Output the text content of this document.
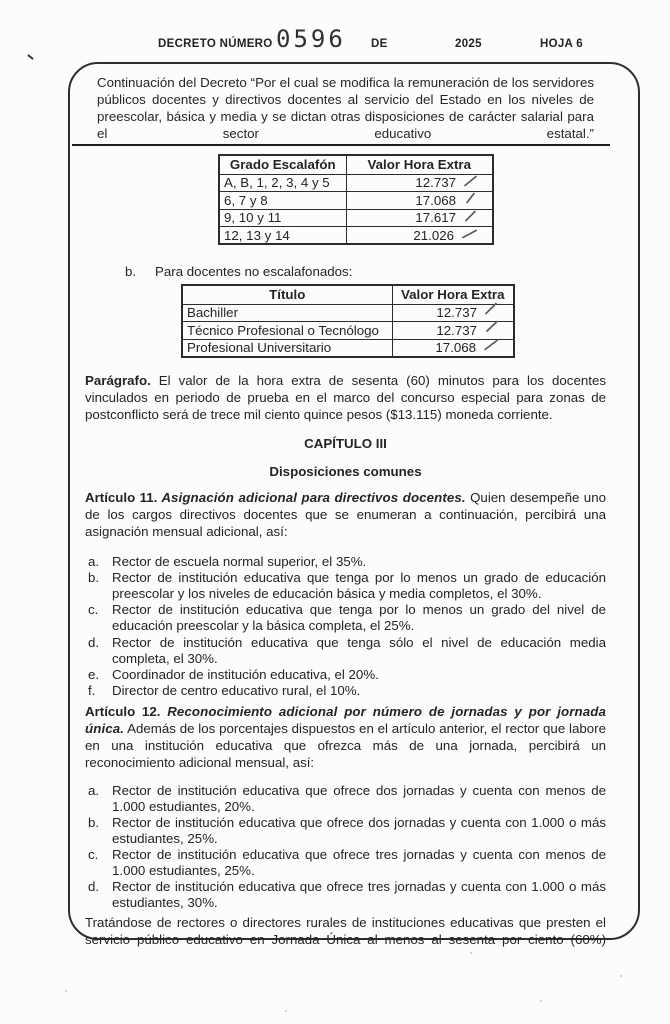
DECRETO NÚMERO 0596 DE	2025	HOJA 6

Continuación del Decreto “Por el cual se modifica la remuneración de los servidores públicos docentes y directivos docentes al servicio del Estado en los niveles de preescolar, básica y media y se dictan otras disposiciones de carácter salarial para el sector educativo estatal.”

Grado Escalafón	Valor Hora Extra
A, B, 1, 2, 3, 4 y 5	12.737

6, 7 y 8	17.068

9, 10 y 11	17.617

12, 13 y 14	21.026
b.	Para docentes no escalafonados:
Título	Valor Hora Extra
Bachiller	12.737

Técnico Profesional o Tecnólogo	12.737

Profesional Universitario	17.068

Parágrafo. El valor de la hora extra de sesenta (60) minutos para los docentes vinculados en periodo de prueba en el marco del concurso especial para zonas de postconflicto será de trece mil ciento quince pesos ($13.115) moneda corriente.

CAPÍTULO III

Disposiciones comunes

Artículo 11. Asignación adicional para directivos docentes. Quien desempeñe uno de los cargos directivos docentes que se enumeran a continuación, percibirá una asignación mensual adicional, así:

a. Rector de escuela normal superior, el 35%.
b. Rector de institución educativa que tenga por lo menos un grado de educación preescolar y los niveles de educación básica y media completos, el 30%.
c.	Rector de institución educativa que tenga por lo menos un grado del nivel de educación preescolar y la básica completa, el 25%.
d. Rector de institución educativa que tenga sólo el nivel de educación media completa, el 30%.
e. Coordinador de institución educativa, el 20%.
f.	Director de centro educativo rural, el 10%.

Artículo 12. Reconocimiento adicional por número de jornadas y por jornada única. Además de los porcentajes dispuestos en el artículo anterior, el rector que labore en una institución educativa que ofrezca más de una jornada, percibirá un reconocimiento adicional mensual, así:

a. Rector de institución educativa que ofrece dos jornadas y cuenta con menos de 1.000 estudiantes, 20%.
b. Rector de institución educativa que ofrece dos jornadas y cuenta con 1.000 o más estudiantes, 25%.
c.	Rector de institución educativa que ofrece tres jornadas y cuenta con menos de 1.000 estudiantes, 25%.
d. Rector de institución educativa que ofrece tres jornadas y cuenta con 1.000 o más estudiantes, 30%.

Tratándose de rectores o directores rurales de instituciones educativas que presten el servicio público educativo en Jornada Única al menos al sesenta por ciento (60%)
